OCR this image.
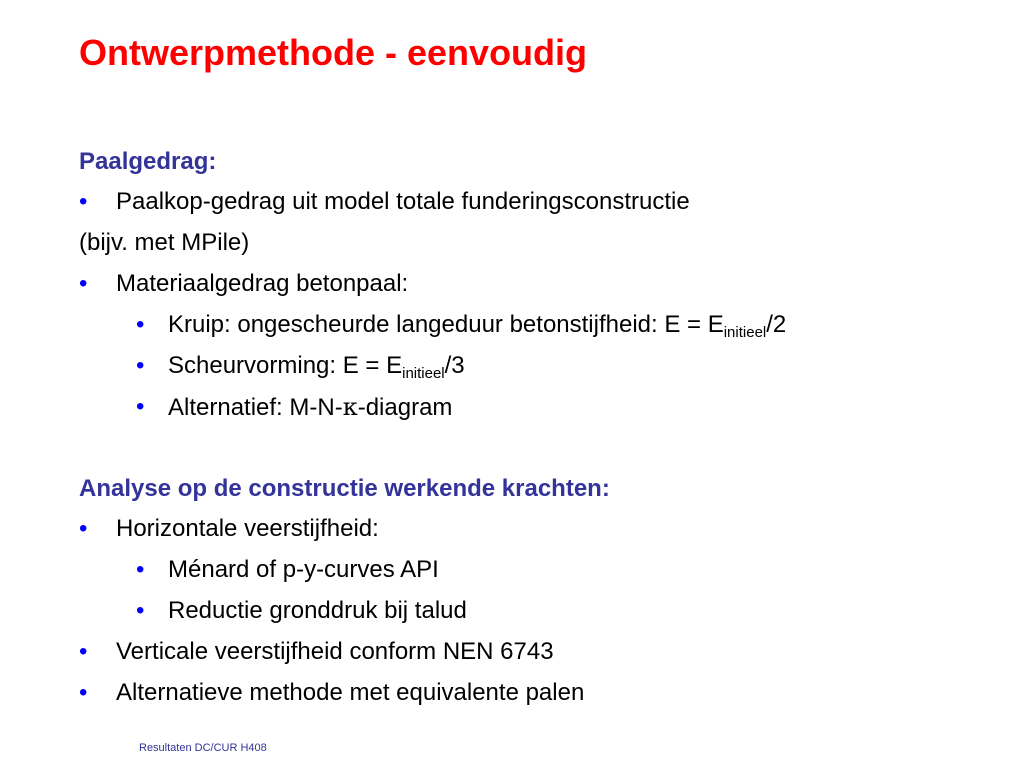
Ontwerpmethode - eenvoudig
Paalgedrag:
• Paalkop-gedrag uit model totale funderingsconstructie
(bijv. met MPile)
• Materiaalgedrag betonpaal:
• Kruip: ongescheurde langeduur betonstijfheid: $E = E_{initieel}/2$
• Scheurvorming: $E = E_{initieel}/3$
• Alternatief: M-N-κ-diagram
Analyse op de constructie werkende krachten:
• Horizontale veerstijfheid:
• Ménard of p-y-curves API
• Reductie gronddruk bij talud
• Verticale veerstijfheid conform NEN 6743
• Alternatieve methode met equivalente palen
Resultaten DC/CUR H408
